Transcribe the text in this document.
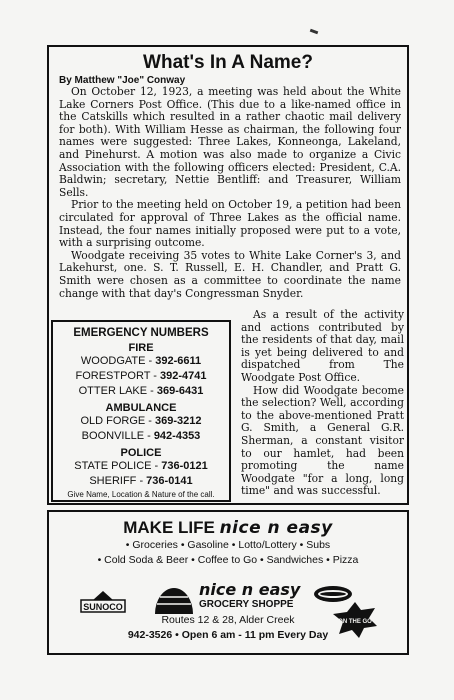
What's In A Name?
By Matthew "Joe" Conway

On October 12, 1923, a meeting was held about the White Lake Corners Post Office. (This due to a like-named office in the Catskills which resulted in a rather chaotic mail delivery for both). With William Hesse as chairman, the following four names were suggested: Three Lakes, Konneonga, Lakeland, and Pinehurst. A motion was also made to organize a Civic Association with the following officers elected: President, C.A. Baldwin; secretary, Nettie Bentliff: and Treasurer, William Sells.

Prior to the meeting held on October 19, a petition had been circulated for approval of Three Lakes as the official name. Instead, the four names initially proposed were put to a vote, with a surprising outcome.

Woodgate receiving 35 votes to White Lake Corner's 3, and Lakehurst, one. S. T. Russell, E. H. Chandler, and Pratt G. Smith were chosen as a committee to coordinate the name change with that day's Congressman Snyder.

EMERGENCY NUMBERS
FIRE
WOODGATE - 392-6611
FORESTPORT - 392-4741
OTTER LAKE - 369-6431
AMBULANCE
OLD FORGE - 369-3212
BOONVILLE - 942-4353
POLICE
STATE POLICE - 736-0121
SHERIFF - 736-0141
Give Name, Location & Nature of the call.

As a result of the activity and actions contributed by the residents of that day, mail is yet being delivered to and dispatched from The Woodgate Post Office.

How did Woodgate become the selection? Well, according to the above-mentioned Pratt G. Smith, a General G.R. Sherman, a constant visitor to our hamlet, had been promoting the name Woodgate "for a long, long time" and was successful.

MAKE LIFE nice n easy
• Groceries • Gasoline • Lotto/Lottery • Subs
• Cold Soda & Beer • Coffee to Go • Sandwiches • Pizza
SUNOCO
nice n easy
GROCERY SHOPPE
Routes 12 & 28, Alder Creek
942-3526 • Open 6 am - 11 pm Every Day
ON THE GO
